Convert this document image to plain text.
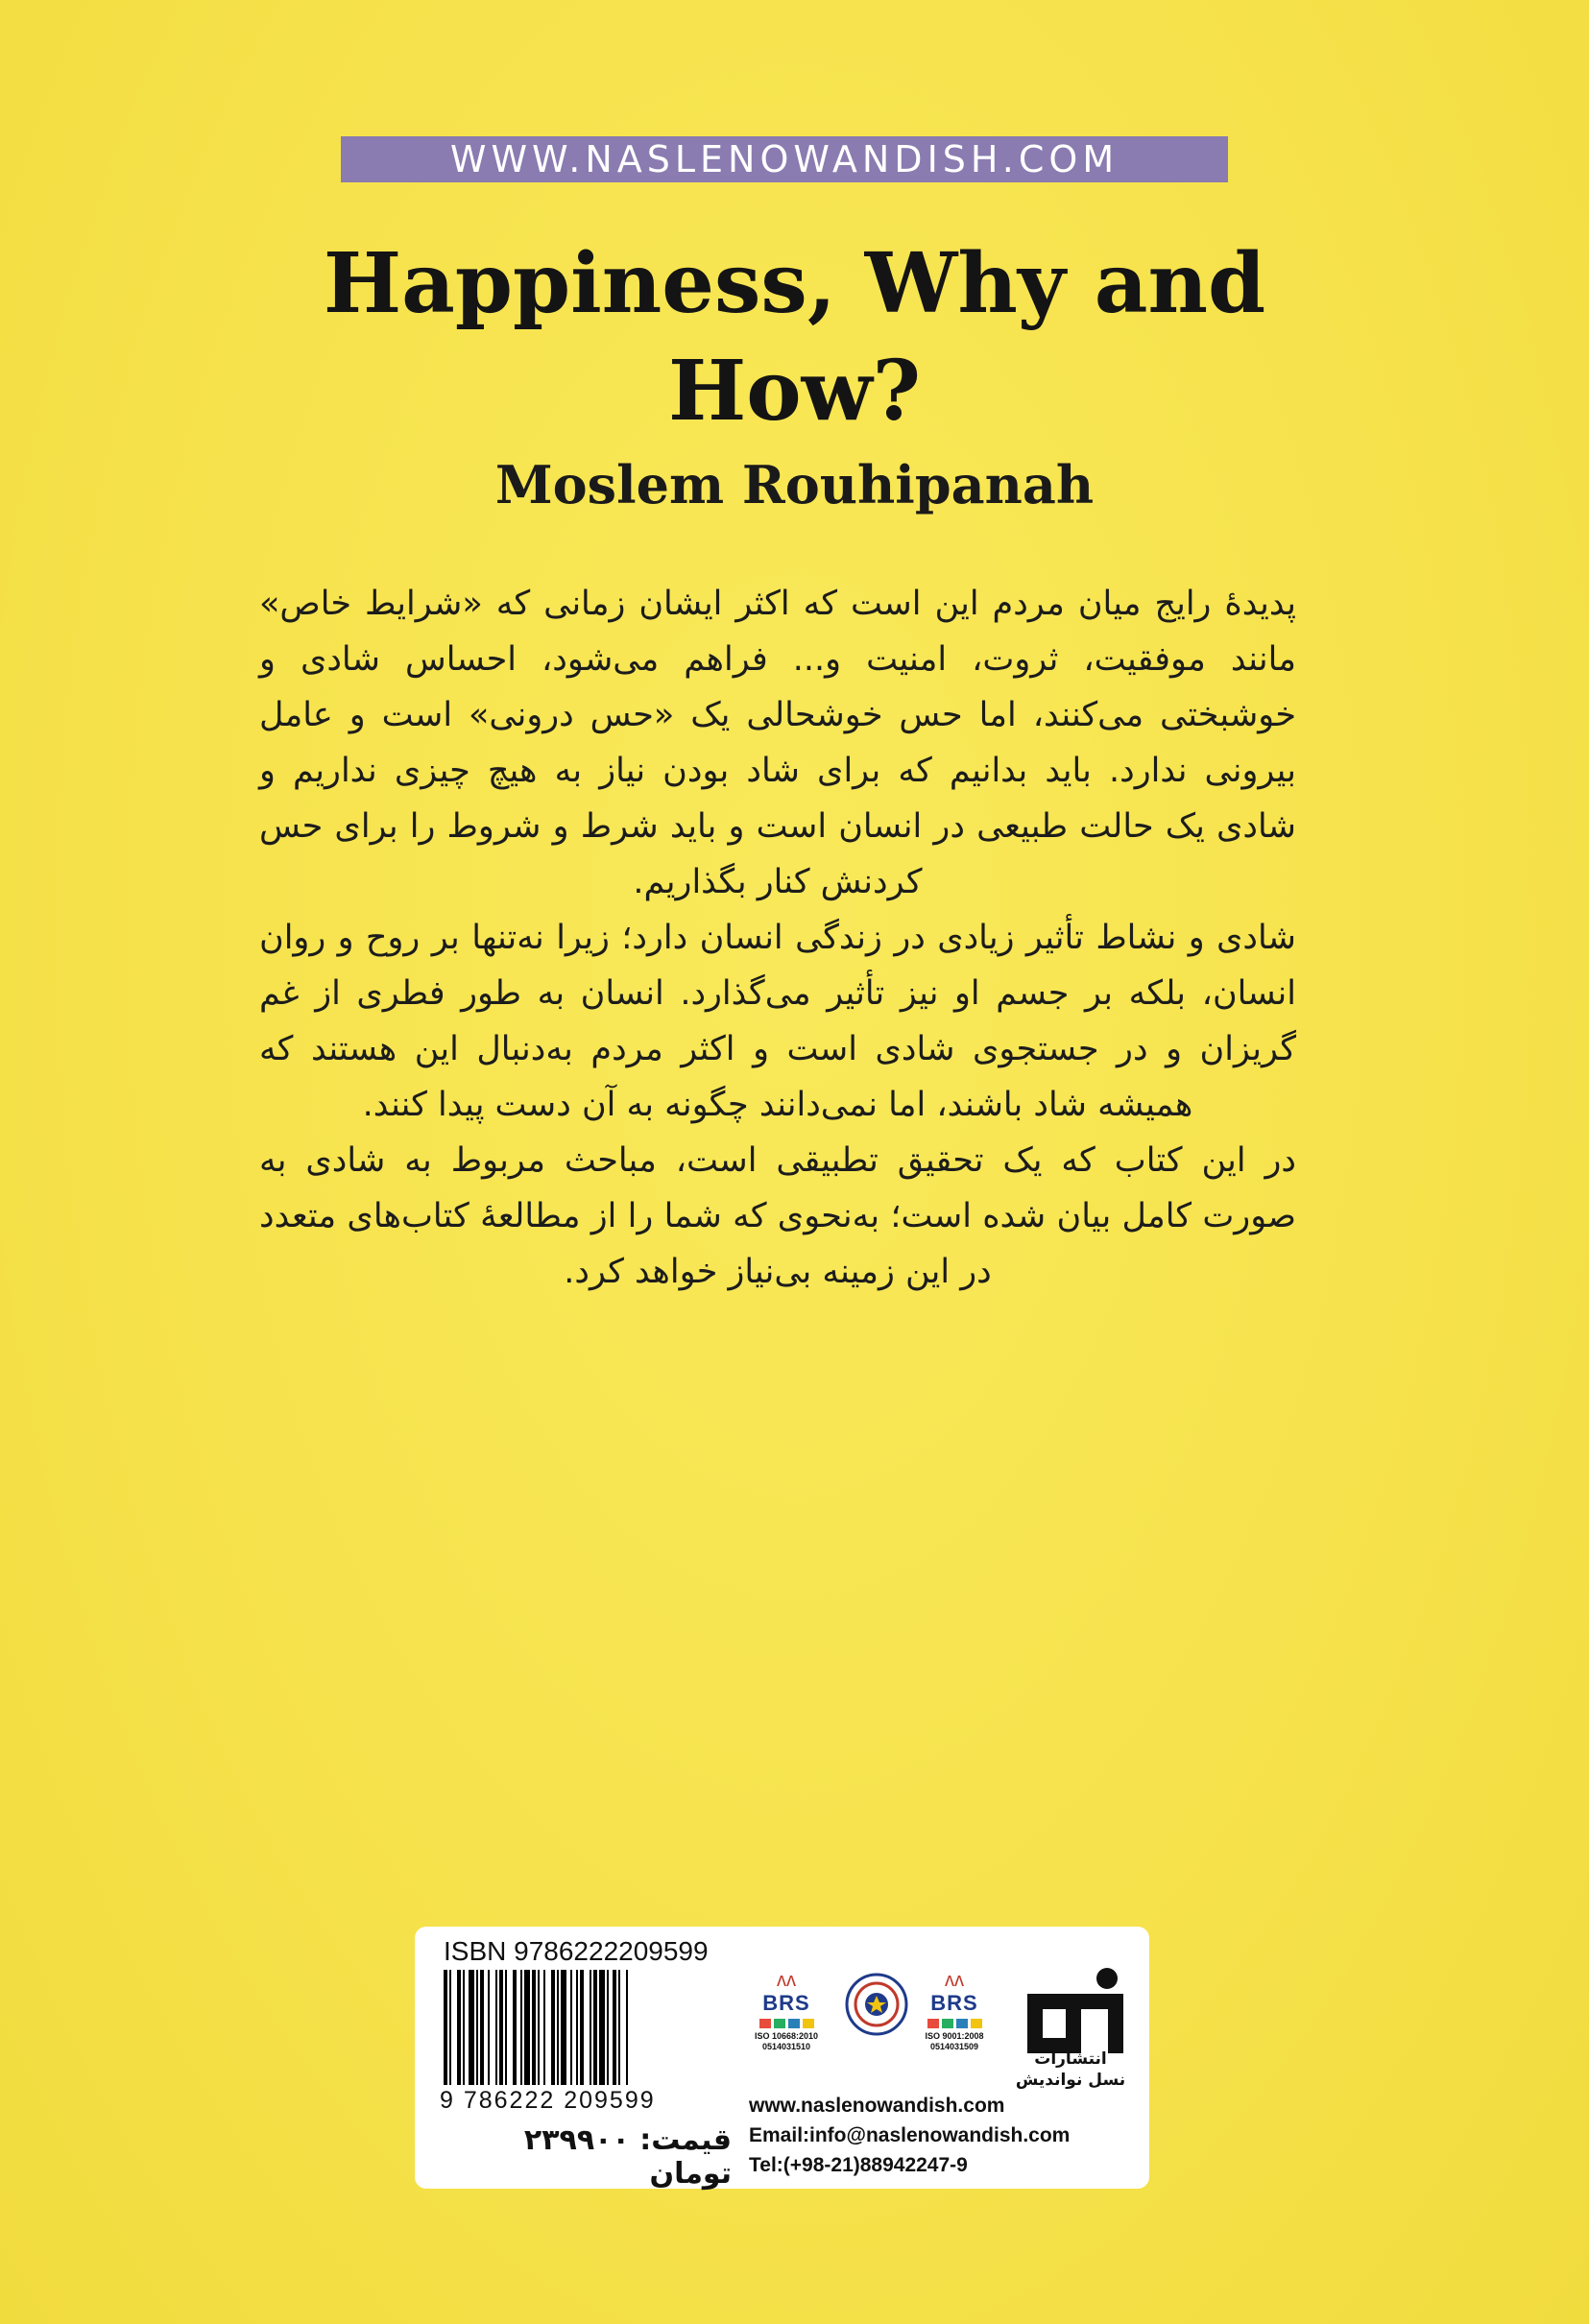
WWW.NASLENOWANDISH.COM
Happiness, Why and
How?
Moslem Rouhipanah

پدیدۀ رایج میان مردم این است که اکثر ایشان زمانی که «شرایط خاص» مانند موفقیت، ثروت، امنیت و... فراهم می‌شود، احساس شادی و خوشبختی می‌کنند، اما حس خوشحالی یک «حس درونی» است و عامل بیرونی ندارد. باید بدانیم که برای شاد بودن نیاز به هیچ چیزی نداریم و شادی یک حالت طبیعی در انسان است و باید شرط و شروط را برای حس کردنش کنار بگذاریم.

شادی و نشاط تأثیر زیادی در زندگی انسان دارد؛ زیرا نه‌تنها بر روح و روان انسان، بلکه بر جسم او نیز تأثیر می‌گذارد. انسان به طور فطری از غم گریزان و در جستجوی شادی است و اکثر مردم به‌دنبال این هستند که همیشه شاد باشند، اما نمی‌دانند چگونه به آن دست پیدا کنند.

در این کتاب که یک تحقیق تطبیقی است، مباحث مربوط به شادی به صورت کامل بیان شده است؛ به‌نحوی که شما را از مطالعۀ کتاب‌های متعدد در این زمینه بی‌نیاز خواهد کرد.

ISBN 9786222209599
9 786222 209599
قیمت: ۲۳۹۹۰۰ تومان
ᴧᴧ
BRS
ISO 10668:2010
0514031510
ᴧᴧ
BRS
ISO 9001:2008
0514031509
انتشارات
نسل نواندیش
www.naslenowandish.com
Email:info@naslenowandish.com
Tel:(+98-21)88942247-9
